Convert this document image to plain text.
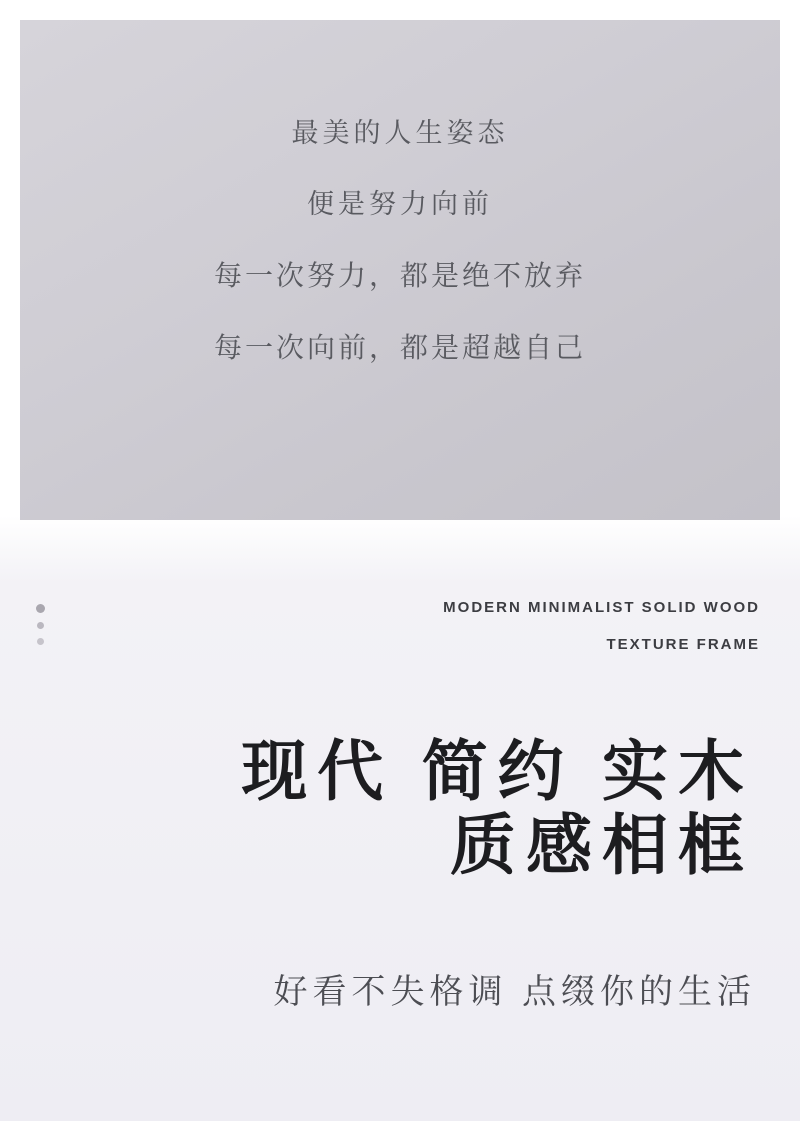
最美的人生姿态
便是努力向前
每一次努力，都是绝不放弃
每一次向前，都是超越自己
MODERN MINIMALIST SOLID WOOD
TEXTURE FRAME
现代 简约 实木
质感相框
好看不失格调 点缀你的生活
